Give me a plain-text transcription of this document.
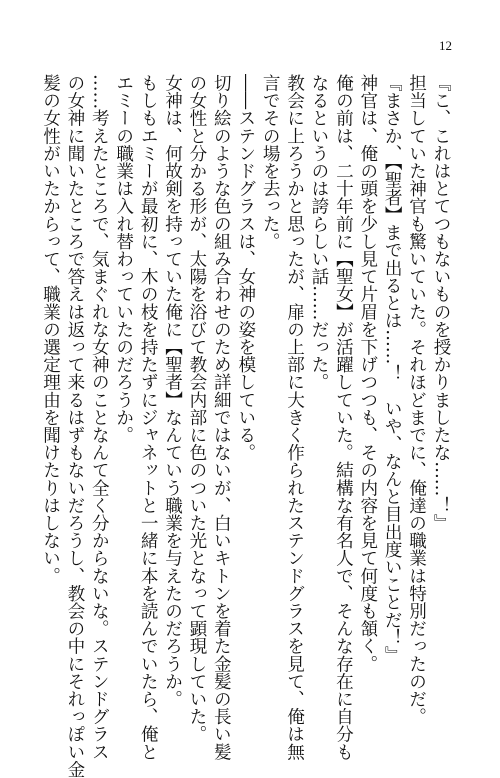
12
『こ、これはとてつもないものを授かりましたな……！』
担当していた神官も驚いていた。それほどまでに、俺達の職業は特別だったのだ。
『まさか、【聖者】まで出るとは……！　いや、なんと目出度いことだ！』
神官は、俺の頭を少し見て片眉を下げつつも、その内容を見て何度も頷く。
俺の前は、二十年前に【聖女】が活躍していた。結構な有名人で、そんな存在に自分も
なるというのは誇らしい話……だった。
教会に上ろうかと思ったが、扉の上部に大きく作られたステンドグラスを見て、俺は無
言でその場を去った。
――ステンドグラスは、女神の姿を模している。
切り絵のような色の組み合わせのため詳細ではないが、白いキトンを着た金髪の長い髪
の女性と分かる形が、太陽を浴びて教会内部に色のついた光となって顕現していた。
女神は、何故剣を持っていた俺に【聖者】なんていう職業を与えたのだろうか。
もしもエミーが最初に、木の枝を持たずにジャネットと一緒に本を読んでいたら、俺と
エミーの職業は入れ替わっていたのだろうか。
……考えたところで、気まぐれな女神のことなんて全く分からないな。ステンドグラス
の女神に聞いたところで答えは返って来るはずもないだろうし、教会の中にそれっぽい金
髪の女性がいたからって、職業の選定理由を聞けたりはしない。
